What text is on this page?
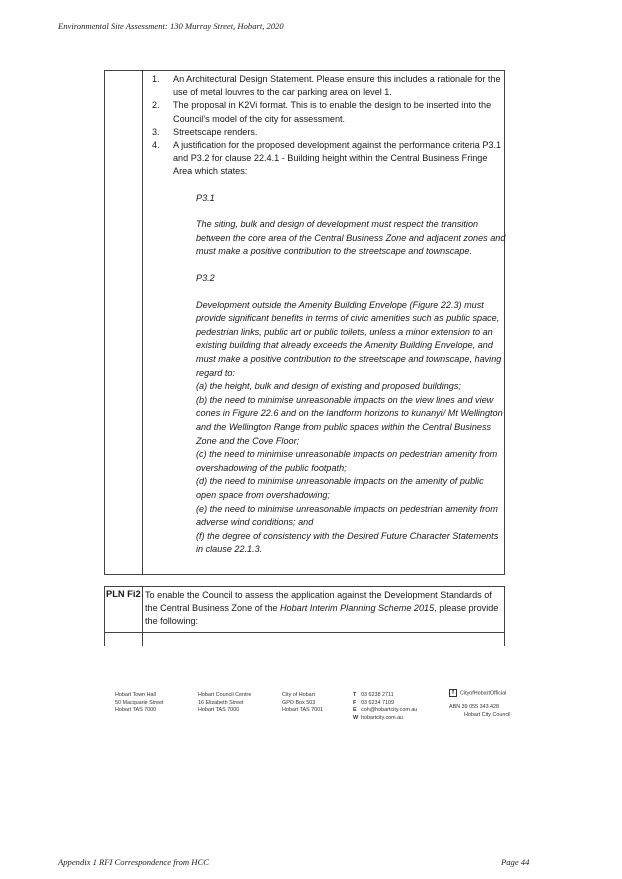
Environmental Site Assessment: 130 Murray Street, Hobart, 2020
1. An Architectural Design Statement. Please ensure this includes a rationale for the use of metal louvres to the car parking area on level 1.
2. The proposal in K2Vi format. This is to enable the design to be inserted into the Council's model of the city for assessment.
3. Streetscape renders.
4. A justification for the proposed development against the performance criteria P3.1 and P3.2 for clause 22.4.1 - Building height within the Central Business Fringe Area which states:

P3.1

The siting, bulk and design of development must respect the transition between the core area of the Central Business Zone and adjacent zones and must make a positive contribution to the streetscape and townscape.

P3.2

Development outside the Amenity Building Envelope (Figure 22.3) must provide significant benefits in terms of civic amenities such as public space, pedestrian links, public art or public toilets, unless a minor extension to an existing building that already exceeds the Amenity Building Envelope, and must make a positive contribution to the streetscape and townscape, having regard to:

(a) the height, bulk and design of existing and proposed buildings;

(b) the need to minimise unreasonable impacts on the view lines and view cones in Figure 22.6 and on the landform horizons to kunanyi/ Mt Wellington and the Wellington Range from public spaces within the Central Business Zone and the Cove Floor;

(c) the need to minimise unreasonable impacts on pedestrian amenity from overshadowing of the public footpath;

(d) the need to minimise unreasonable impacts on the amenity of public open space from overshadowing;

(e) the need to minimise unreasonable impacts on pedestrian amenity from adverse wind conditions; and

(f) the degree of consistency with the Desired Future Character Statements in clause 22.1.3.

PLN Fi2 To enable the Council to assess the application against the Development Standards of the Central Business Zone of the Hobart Interim Planning Scheme 2015, please provide the following:
Hobart Town Hall
50 Macquarie Street
Hobart TAS 7000
Hobart Council Centre
16 Elizabeth Street
Hobart TAS 7000
City of Hobart
GPO Box 503
Hobart TAS 7001
T 03 6238 2711
F 03 6234 7109
E coh@hobartcity.com.au
W hobartcity.com.au
f CityofHobartOfficial
ABN 39 055 343 428
Hobart City Council
Appendix 1 RFI Correspondence from HCC	Page 44
